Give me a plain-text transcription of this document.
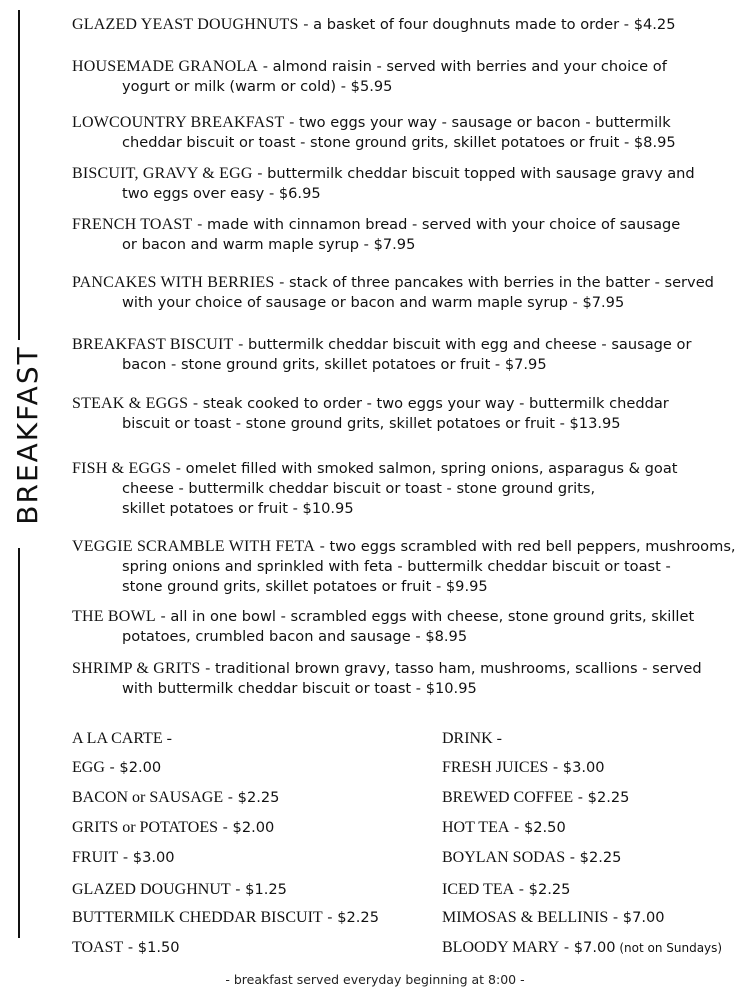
BREAKFAST
GLAZED YEAST DOUGHNUTS - a basket of four doughnuts made to order - $4.25
HOUSEMADE GRANOLA - almond raisin - served with berries and your choice of
yogurt or milk (warm or cold) - $5.95
LOWCOUNTRY BREAKFAST - two eggs your way - sausage or bacon - buttermilk
cheddar biscuit or toast - stone ground grits, skillet potatoes or fruit - $8.95
BISCUIT, GRAVY & EGG - buttermilk cheddar biscuit topped with sausage gravy and
two eggs over easy - $6.95
FRENCH TOAST - made with cinnamon bread - served with your choice of sausage
or bacon and warm maple syrup - $7.95
PANCAKES WITH BERRIES - stack of three pancakes with berries in the batter - served
with your choice of sausage or bacon and warm maple syrup - $7.95
BREAKFAST BISCUIT - buttermilk cheddar biscuit with egg and cheese - sausage or
bacon - stone ground grits, skillet potatoes or fruit - $7.95
STEAK & EGGS - steak cooked to order - two eggs your way - buttermilk cheddar
biscuit or toast - stone ground grits, skillet potatoes or fruit - $13.95
FISH & EGGS - omelet filled with smoked salmon, spring onions, asparagus & goat
cheese - buttermilk cheddar biscuit or toast - stone ground grits,
skillet potatoes or fruit - $10.95
VEGGIE SCRAMBLE WITH FETA - two eggs scrambled with red bell peppers, mushrooms,
spring onions and sprinkled with feta - buttermilk cheddar biscuit or toast -
stone ground grits, skillet potatoes or fruit - $9.95
THE BOWL - all in one bowl - scrambled eggs with cheese, stone ground grits, skillet
potatoes, crumbled bacon and sausage - $8.95
SHRIMP & GRITS - traditional brown gravy, tasso ham, mushrooms, scallions - served
with buttermilk cheddar biscuit or toast - $10.95
A LA CARTE -
EGG - $2.00
BACON or SAUSAGE - $2.25
GRITS or POTATOES - $2.00
FRUIT - $3.00
GLAZED DOUGHNUT - $1.25
BUTTERMILK CHEDDAR BISCUIT - $2.25
TOAST - $1.50
DRINK -
FRESH JUICES - $3.00
BREWED COFFEE - $2.25
HOT TEA - $2.50
BOYLAN SODAS - $2.25
ICED TEA - $2.25
MIMOSAS & BELLINIS - $7.00
BLOODY MARY - $7.00 (not on Sundays)
- breakfast served everyday beginning at 8:00 -
